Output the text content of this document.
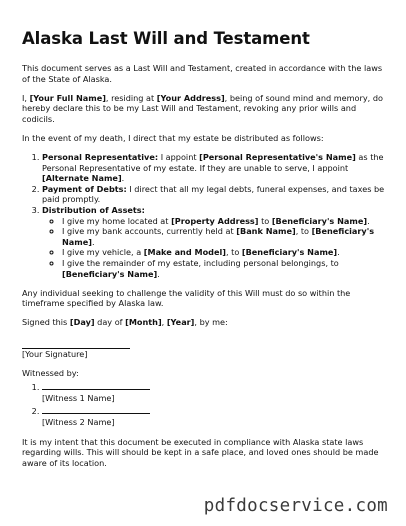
Alaska Last Will and Testament

This document serves as a Last Will and Testament, created in accordance with the laws of the State of Alaska.

I, [Your Full Name], residing at [Your Address], being of sound mind and memory, do hereby declare this to be my Last Will and Testament, revoking any prior wills and codicils.

In the event of my death, I direct that my estate be distributed as follows:

1. Personal Representative: I appoint [Personal Representative's Name] as the Personal Representative of my estate. If they are unable to serve, I appoint [Alternate Name].
2. Payment of Debts: I direct that all my legal debts, funeral expenses, and taxes be paid promptly.
3. Distribution of Assets:
◦ I give my home located at [Property Address] to [Beneficiary's Name].
◦ I give my bank accounts, currently held at [Bank Name], to [Beneficiary's Name].
◦ I give my vehicle, a [Make and Model], to [Beneficiary's Name].
◦ I give the remainder of my estate, including personal belongings, to [Beneficiary's Name].

Any individual seeking to challenge the validity of this Will must do so within the timeframe specified by Alaska law.

Signed this [Day] day of [Month], [Year], by me:

[Your Signature]
Witnessed by:
1. [Witness 1 Name]
2. [Witness 2 Name]

It is my intent that this document be executed in compliance with Alaska state laws regarding wills. This will should be kept in a safe place, and loved ones should be made aware of its location.

pdfdocservice.com
